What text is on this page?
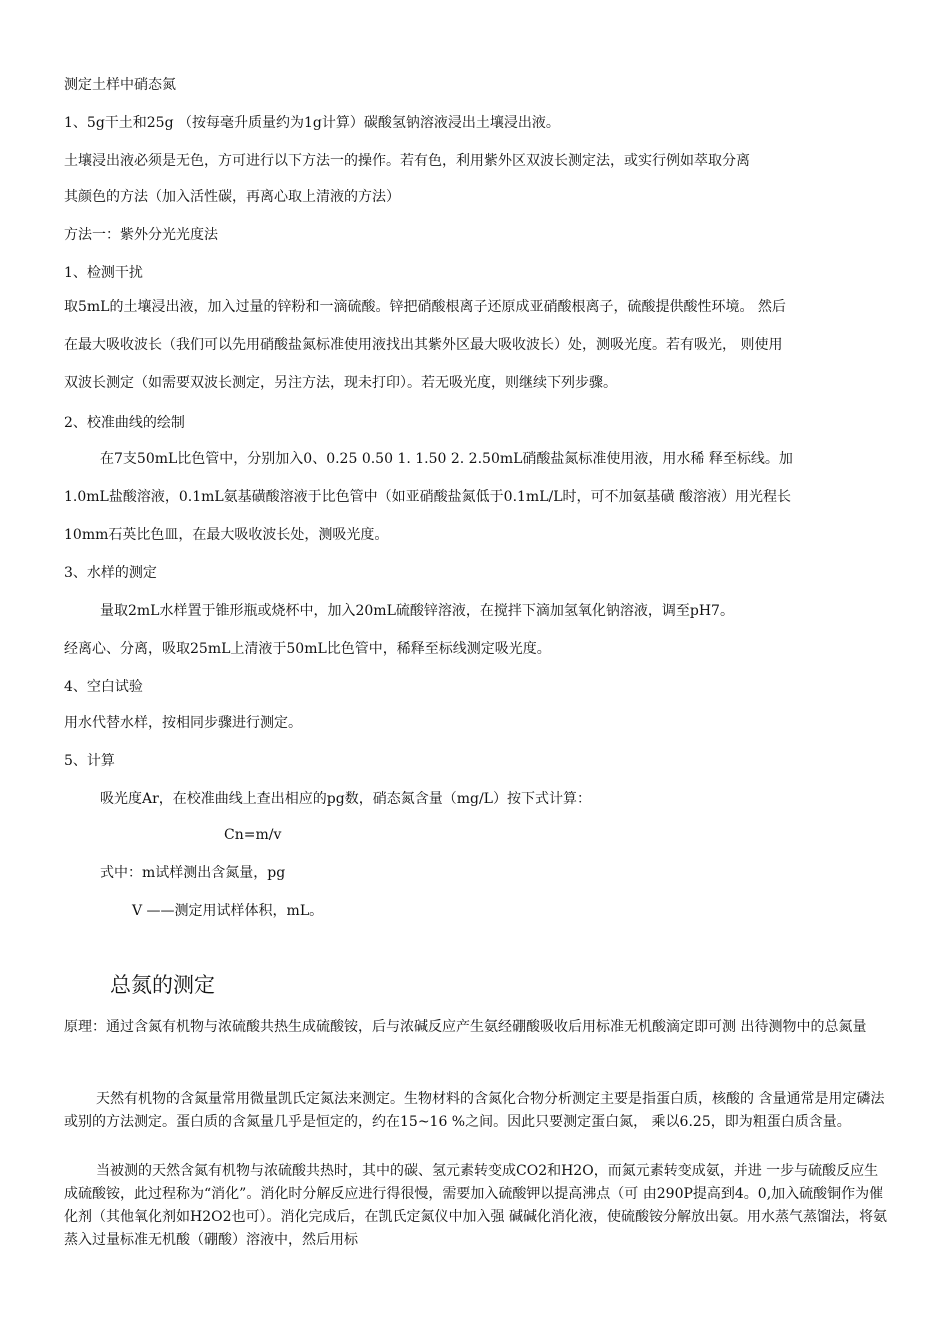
测定土样中硝态氮
1、5g干土和25g （按每毫升质量约为1g计算）碳酸氢钠溶液浸出土壤浸出液。
土壤浸出液必须是无色，方可进行以下方法一的操作。若有色，利用紫外区双波长测定法，或实行例如萃取分离
其颜色的方法（加入活性碳，再离心取上清液的方法）
方法一：紫外分光光度法
1、检测干扰
取5mL的土壤浸出液，加入过量的锌粉和一滴硫酸。锌把硝酸根离子还原成亚硝酸根离子，硫酸提供酸性环境。 然后
在最大吸收波长（我们可以先用硝酸盐氮标准使用液找出其紫外区最大吸收波长）处，测吸光度。若有吸光， 则使用
双波长测定（如需要双波长测定，另注方法，现未打印）。若无吸光度，则继续下列步骤。
2、校准曲线的绘制
在7支50mL比色管中，分别加入0、0.25 0.50 1. 1.50 2. 2.50mL硝酸盐氮标准使用液，用水稀 释至标线。加
1.0mL盐酸溶液，0.1mL氨基磺酸溶液于比色管中（如亚硝酸盐氮低于0.1mL/L时，可不加氨基磺 酸溶液）用光程长
10mm石英比色皿，在最大吸收波长处，测吸光度。
3、水样的测定
量取2mL水样置于锥形瓶或烧杯中，加入20mL硫酸锌溶液，在搅拌下滴加氢氧化钠溶液，调至pH7。
经离心、分离，吸取25mL上清液于50mL比色管中，稀释至标线测定吸光度。
4、空白试验
用水代替水样，按相同步骤进行测定。
5、计算
吸光度Ar，在校准曲线上查出相应的pg数，硝态氮含量（mg/L）按下式计算：
Cn=m/v
式中：m试样测出含氮量，pg
V ——测定用试样体积，mL。
总氮的测定
原理：通过含氮有机物与浓硫酸共热生成硫酸铵，后与浓碱反应产生氨经硼酸吸收后用标准无机酸滴定即可测 出待测物中的总氮量
天然有机物的含氮量常用微量凯氏定氮法来测定。生物材料的含氮化合物分析测定主要是指蛋白质，核酸的 含量通常是用定磷法或别的方法测定。蛋白质的含氮量几乎是恒定的，约在15~16 %之间。因此只要测定蛋白氮， 乘以6.25，即为粗蛋白质含量。
当被测的天然含氮有机物与浓硫酸共热时，其中的碳、氢元素转变成CO2和H2O，而氮元素转变成氨，并进 一步与硫酸反应生成硫酸铵，此过程称为“消化”。消化时分解反应进行得很慢，需要加入硫酸钾以提高沸点（可 由290P提高到4。0,加入硫酸铜作为催化剂（其他氧化剂如H2O2也可）。消化完成后，在凯氏定氮仪中加入强 碱碱化消化液，使硫酸铵分解放出氨。用水蒸气蒸馏法，将氨蒸入过量标准无机酸（硼酸）溶液中，然后用标
